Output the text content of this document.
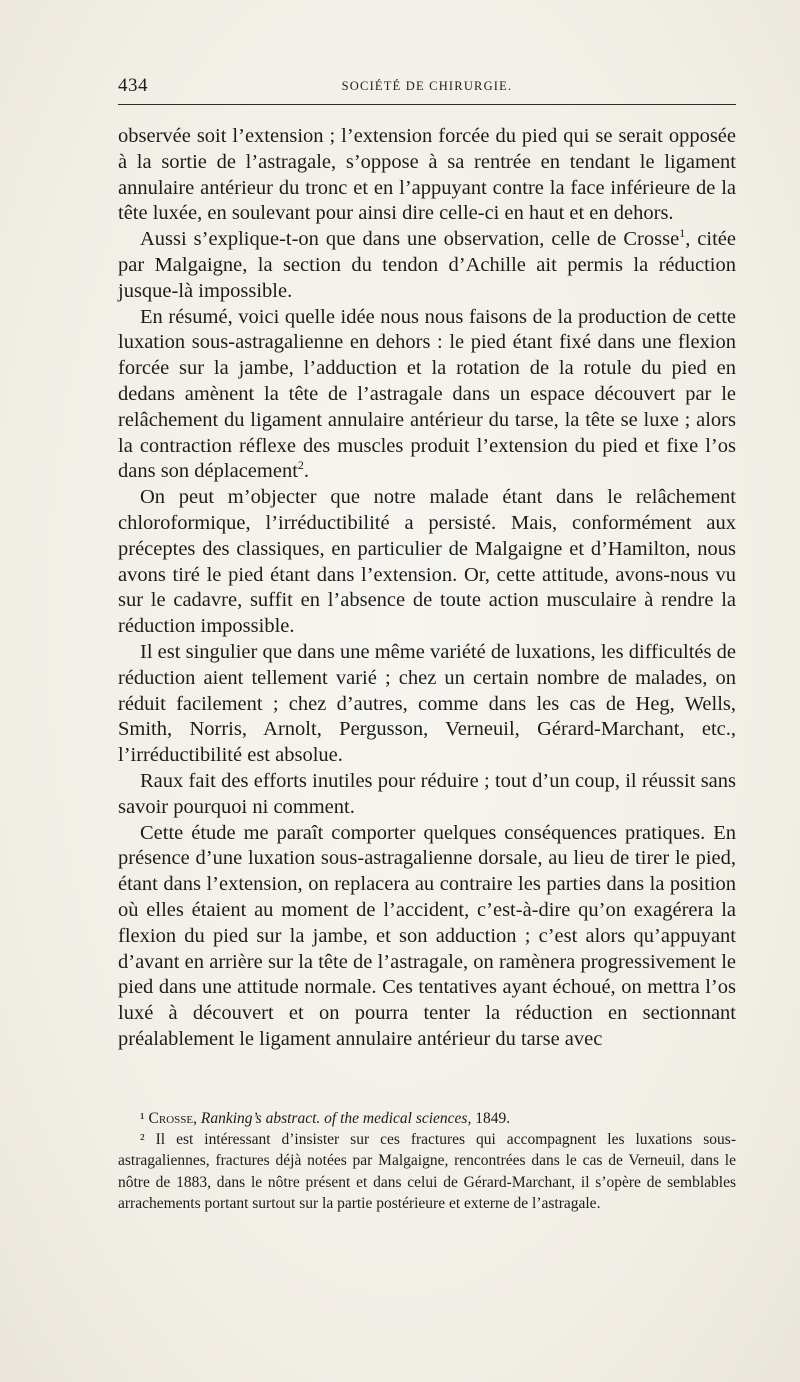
434	SOCIÉTÉ DE CHIRURGIE.

observée soit l’extension ; l’extension forcée du pied qui se serait opposée à la sortie de l’astragale, s’oppose à sa rentrée en tendant le ligament annulaire antérieur du tronc et en l’appuyant contre la face inférieure de la tête luxée, en soulevant pour ainsi dire celle-ci en haut et en dehors.

Aussi s’explique-t-on que dans une observation, celle de Crosse$^1$, citée par Malgaigne, la section du tendon d’Achille ait permis la réduction jusque-là impossible.

En résumé, voici quelle idée nous nous faisons de la production de cette luxation sous-astragalienne en dehors : le pied étant fixé dans une flexion forcée sur la jambe, l’adduction et la rotation de la rotule du pied en dedans amènent la tête de l’astragale dans un espace découvert par le relâchement du ligament annulaire antérieur du tarse, la tête se luxe ; alors la contraction réflexe des muscles produit l’extension du pied et fixe l’os dans son déplacement$^2$.

On peut m’objecter que notre malade étant dans le relâchement chloroformique, l’irréductibilité a persisté. Mais, conformément aux préceptes des classiques, en particulier de Malgaigne et d’Hamilton, nous avons tiré le pied étant dans l’extension. Or, cette attitude, avons-nous vu sur le cadavre, suffit en l’absence de toute action musculaire à rendre la réduction impossible.

Il est singulier que dans une même variété de luxations, les difficultés de réduction aient tellement varié ; chez un certain nombre de malades, on réduit facilement ; chez d’autres, comme dans les cas de Heg, Wells, Smith, Norris, Arnolt, Pergusson, Verneuil, Gérard-Marchant, etc., l’irréductibilité est absolue.

Raux fait des efforts inutiles pour réduire ; tout d’un coup, il réussit sans savoir pourquoi ni comment.

Cette étude me paraît comporter quelques conséquences pratiques. En présence d’une luxation sous-astragalienne dorsale, au lieu de tirer le pied, étant dans l’extension, on replacera au contraire les parties dans la position où elles étaient au moment de l’accident, c’est-à-dire qu’on exagérera la flexion du pied sur la jambe, et son adduction ; c’est alors qu’appuyant d’avant en arrière sur la tête de l’astragale, on ramènera progressivement le pied dans une attitude normale. Ces tentatives ayant échoué, on mettra l’os luxé à découvert et on pourra tenter la réduction en sectionnant préalablement le ligament annulaire antérieur du tarse avec

¹ Crosse, Ranking’s abstract. of the medical sciences, 1849.

² Il est intéressant d’insister sur ces fractures qui accompagnent les luxations sous-astragaliennes, fractures déjà notées par Malgaigne, rencontrées dans le cas de Verneuil, dans le nôtre de 1883, dans le nôtre présent et dans celui de Gérard-Marchant, il s’opère de semblables arrachements portant surtout sur la partie postérieure et externe de l’astragale.
